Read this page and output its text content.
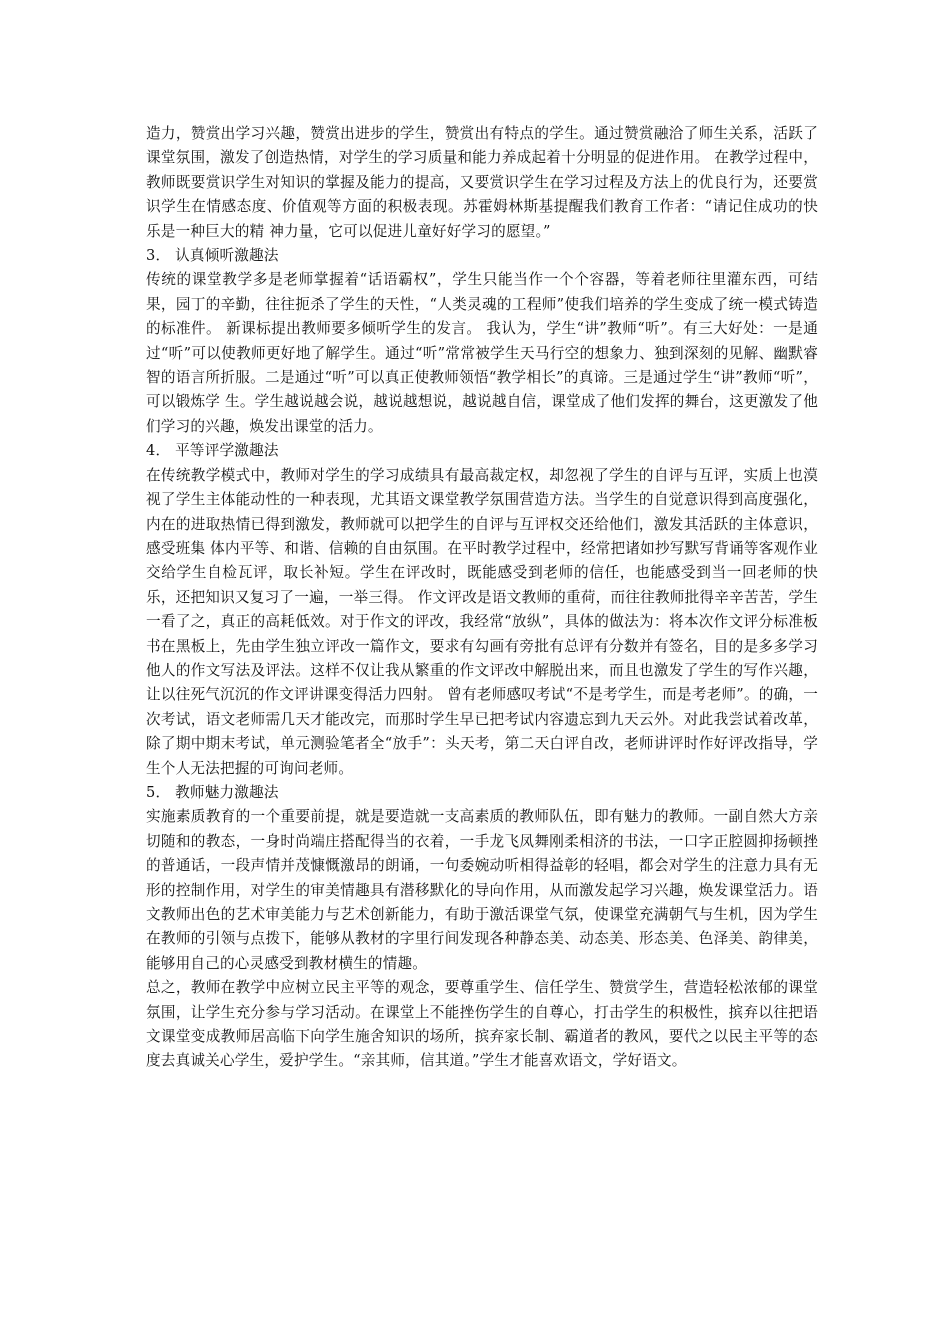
造力，赞赏出学习兴趣，赞赏出进步的学生，赞赏出有特点的学生。通过赞赏融洽了师生关系，活跃了课堂氛围，激发了创造热情，对学生的学习质量和能力养成起着十分明显的促进作用。 在教学过程中，教师既要赏识学生对知识的掌握及能力的提高，又要赏识学生在学习过程及方法上的优良行为，还要赏识学生在情感态度、价值观等方面的积极表现。苏霍姆林斯基提醒我们教育工作者：“请记住成功的快乐是一种巨大的精 神力量，它可以促进儿童好好学习的愿望。”

3． 认真倾听激趣法

传统的课堂教学多是老师掌握着“话语霸权”，学生只能当作一个个容器，等着老师往里灌东西，可结果，园丁的辛勤，往往扼杀了学生的天性，“人类灵魂的工程师”使我们培养的学生变成了统一模式铸造的标准件。 新课标提出教师要多倾听学生的发言。 我认为，学生“讲”教师“听”。有三大好处：一是通过“听”可以使教师更好地了解学生。通过“听”常常被学生天马行空的想象力、独到深刻的见解、幽默睿智的语言所折服。二是通过“听”可以真正使教师领悟“教学相长”的真谛。三是通过学生“讲”教师“听”，可以锻炼学 生。学生越说越会说，越说越想说，越说越自信，课堂成了他们发挥的舞台，这更激发了他们学习的兴趣，焕发出课堂的活力。

4． 平等评学激趣法

在传统教学模式中，教师对学生的学习成绩具有最高裁定权，却忽视了学生的自评与互评，实质上也漠视了学生主体能动性的一种表现，尤其语文课堂教学氛围营造方法。当学生的自觉意识得到高度强化，内在的进取热情已得到激发，教师就可以把学生的自评与互评权交还给他们，激发其活跃的主体意识，感受班集 体内平等、和谐、信赖的自由氛围。在平时教学过程中，经常把诸如抄写默写背诵等客观作业交给学生自检瓦评，取长补短。学生在评改时，既能感受到老师的信任，也能感受到当一回老师的快乐，还把知识又复习了一遍，一举三得。 作文评改是语文教师的重荷，而往往教师批得辛辛苦苦，学生一看了之，真正的高耗低效。对于作文的评改，我经常“放纵”，具体的做法为：将本次作文评分标准板书在黑板上，先由学生独立评改一篇作文，要求有勾画有旁批有总评有分数并有签名，目的是多多学习他人的作文写法及评法。这样不仅让我从繁重的作文评改中解脱出来，而且也激发了学生的写作兴趣，让以往死气沉沉的作文评讲课变得活力四射。 曾有老师感叹考试“不是考学生，而是考老师”。的确，一次考试，语文老师需几天才能改完，而那时学生早已把考试内容遗忘到九天云外。对此我尝试着改革，除了期中期末考试，单元测验笔者全“放手”：头天考，第二天白评自改，老师讲评时作好评改指导，学生个人无法把握的可询问老师。

5． 教师魅力激趣法

实施素质教育的一个重要前提，就是要造就一支高素质的教师队伍，即有魅力的教师。一副自然大方亲切随和的教态，一身时尚端庄搭配得当的衣着，一手龙飞凤舞刚柔相济的书法，一口字正腔圆抑扬顿挫的普通话，一段声情并茂慷慨激昂的朗诵，一句委婉动听相得益彰的轻唱，都会对学生的注意力具有无形的控制作用，对学生的审美情趣具有潜移默化的导向作用，从而激发起学习兴趣，焕发课堂活力。语文教师出色的艺术审美能力与艺术创新能力，有助于激活课堂气氛，使课堂充满朝气与生机，因为学生在教师的引领与点拨下，能够从教材的字里行间发现各种静态美、动态美、形态美、色泽美、韵律美，能够用自己的心灵感受到教材横生的情趣。

总之，教师在教学中应树立民主平等的观念，要尊重学生、信任学生、赞赏学生，营造轻松浓郁的课堂氛围，让学生充分参与学习活动。在课堂上不能挫伤学生的自尊心，打击学生的积极性，摈弃以往把语文课堂变成教师居高临下向学生施舍知识的场所，摈弃家长制、霸道者的教风，要代之以民主平等的态度去真诚关心学生，爱护学生。“亲其师，信其道。”学生才能喜欢语文，学好语文。
